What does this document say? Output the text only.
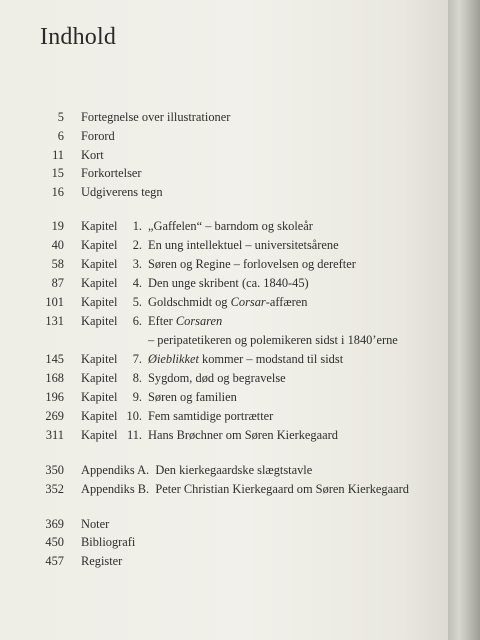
Indhold
5 Fortegnelse over illustrationer
6 Forord
11 Kort
15 Forkortelser
16 Udgiverens tegn
19 Kapitel	1. „Gaffelen“ – barndom og skoleår
40 Kapitel	2. En ung intellektuel – universitetsårene
58 Kapitel	3. Søren og Regine – forlovelsen og derefter
87 Kapitel	4. Den unge skribent (ca. 1840-45)
101 Kapitel	5. Goldschmidt og Corsar-affæren
131 Kapitel	6. Efter Corsaren
– peripatetikeren og polemikeren sidst i 1840’erne
145 Kapitel	7. Øieblikket kommer – modstand til sidst
168 Kapitel	8. Sygdom, død og begravelse
196 Kapitel	9. Søren og familien
269 Kapitel 10. Fem samtidige portrætter
311 Kapitel 11. Hans Brøchner om Søren Kierkegaard
350 Appendiks A.  Den kierkegaardske slægtstavle
352 Appendiks B.  Peter Christian Kierkegaard om Søren Kierkegaard
369 Noter
450 Bibliografi
457 Register
